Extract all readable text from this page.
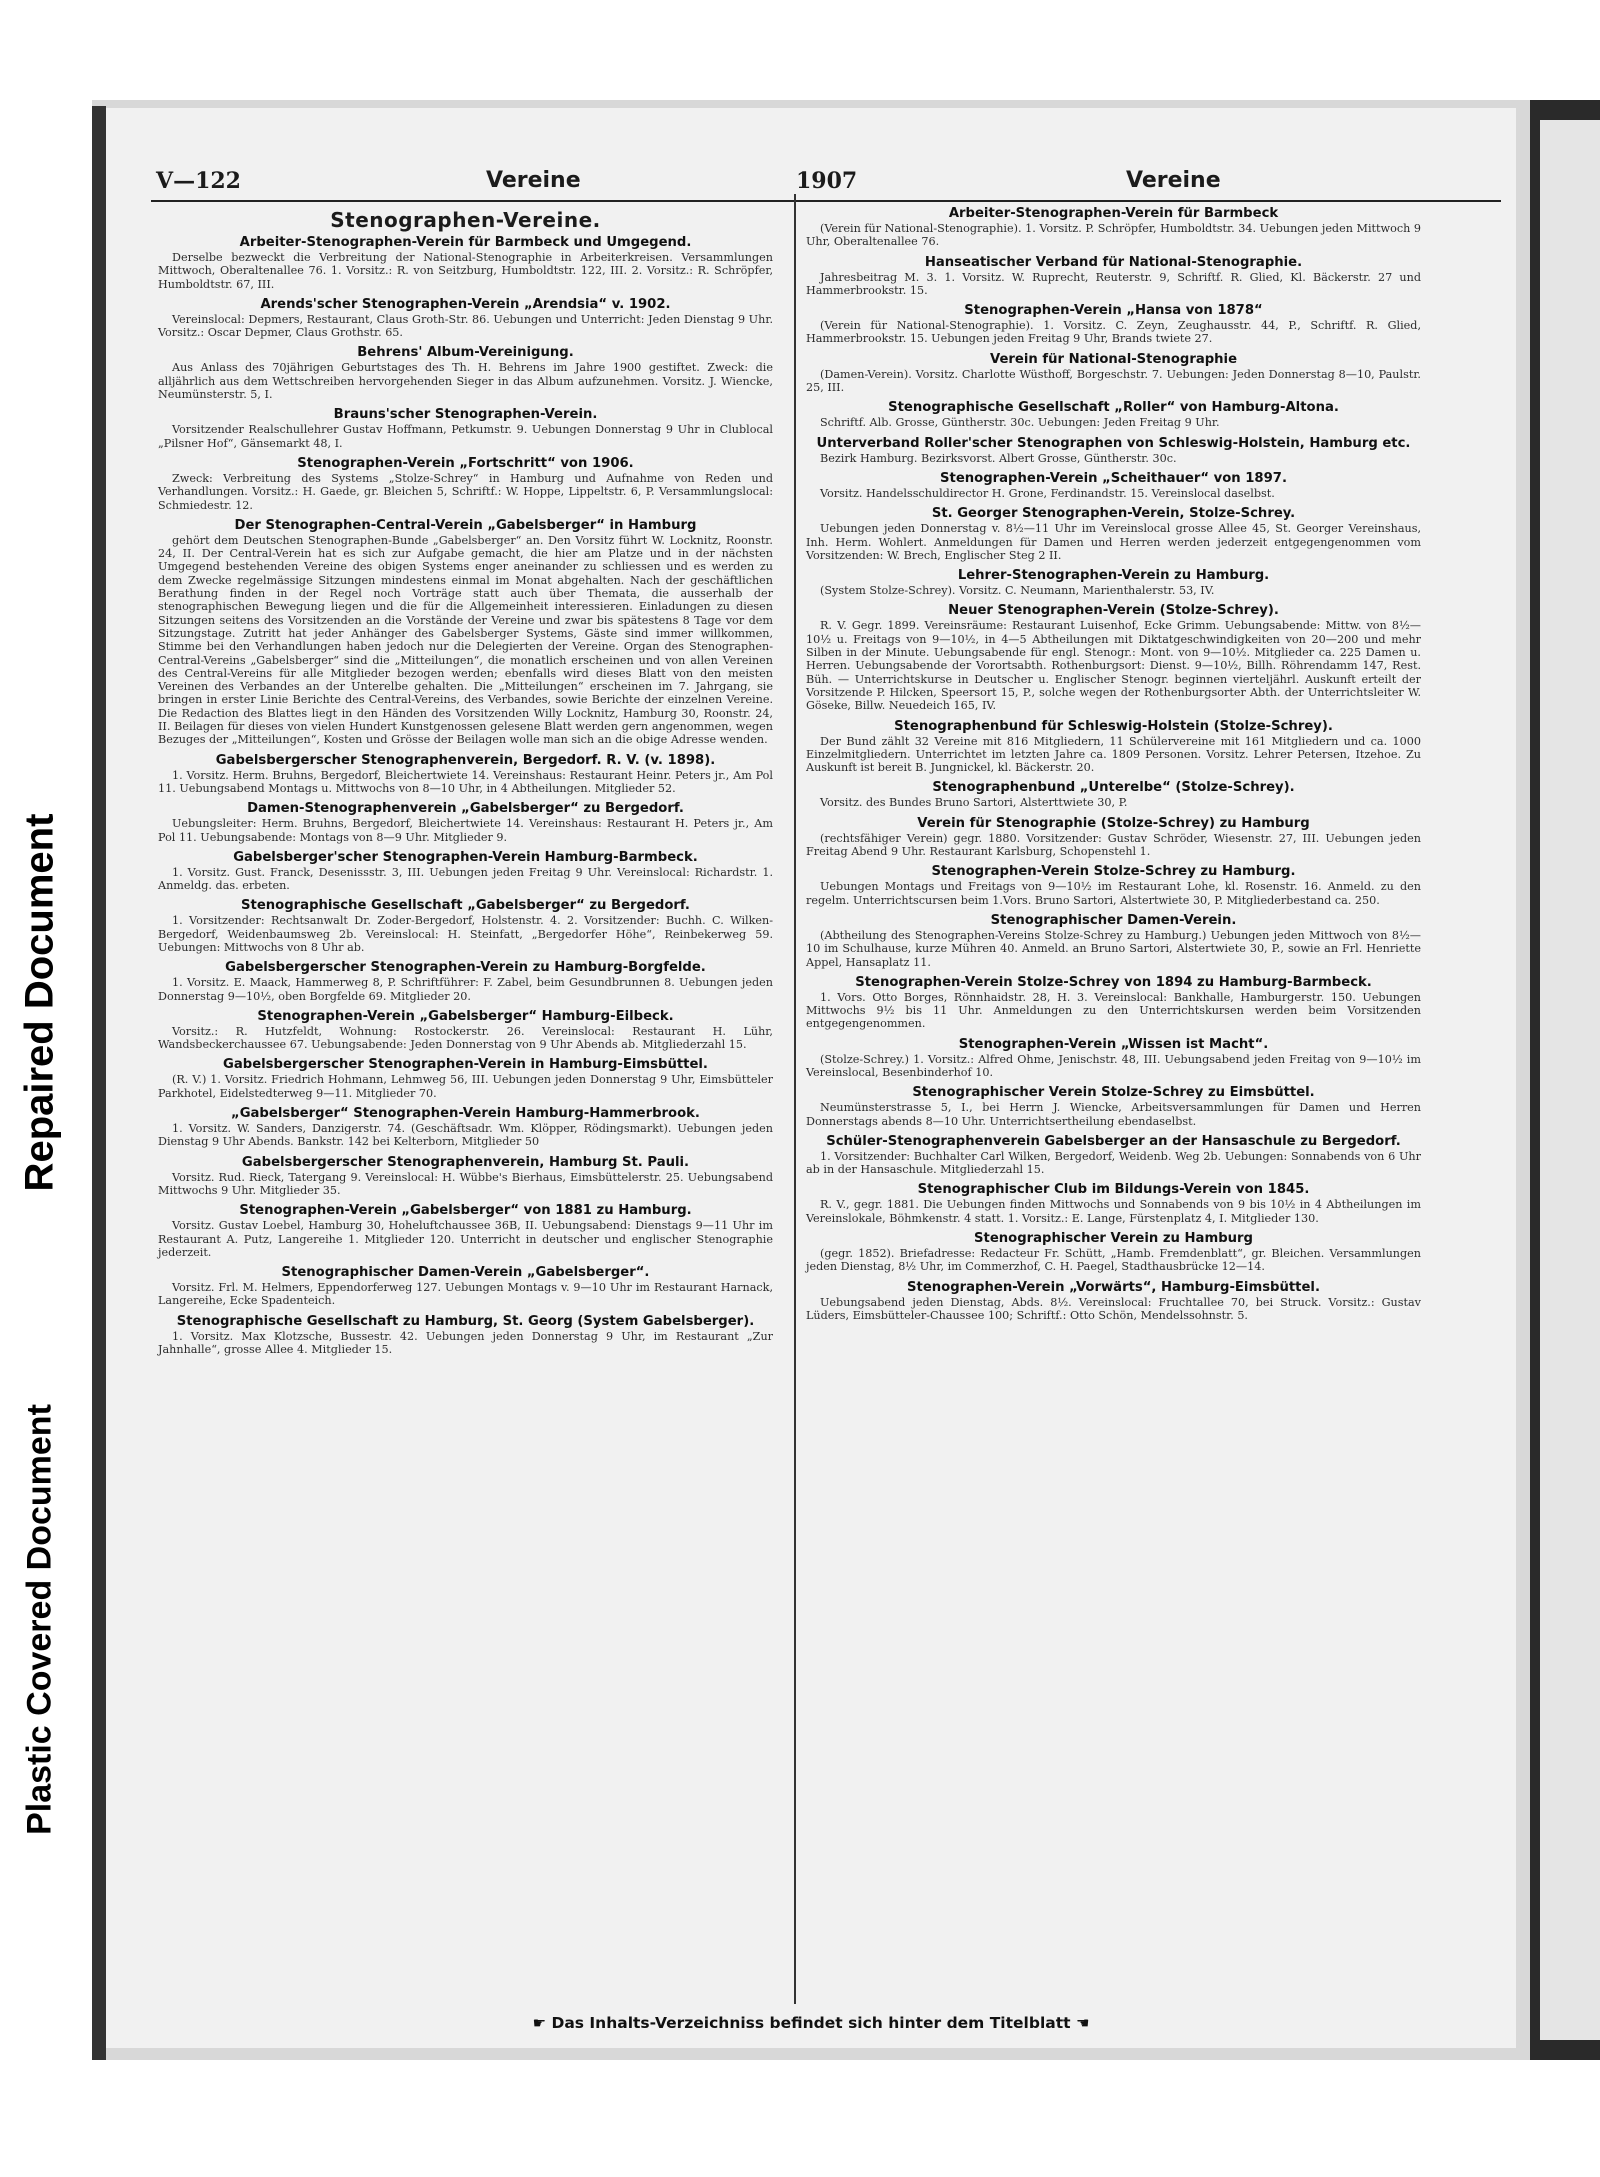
Repaired Document
Plastic Covered Document
V—122	Vereine	1907	Vereine
Stenographen-Vereine.
Arbeiter-Stenographen-Verein für Barmbeck und Umgegend.
Derselbe bezweckt die Verbreitung der National-Stenographie in Arbeiterkreisen. Versammlungen Mittwoch, Oberaltenallee 76. 1. Vorsitz.: R. von Seitzburg, Humboldtstr. 122, III. 2. Vorsitz.: R. Schröpfer, Humboldtstr. 67, III.
Arends'scher Stenographen-Verein „Arendsia“ v. 1902.
Vereinslocal: Depmers, Restaurant, Claus Groth-Str. 86. Uebungen und Unterricht: Jeden Dienstag 9 Uhr. Vorsitz.: Oscar Depmer, Claus Grothstr. 65.
Behrens' Album-Vereinigung.
Aus Anlass des 70jährigen Geburtstages des Th. H. Behrens im Jahre 1900 gestiftet. Zweck: die alljährlich aus dem Wettschreiben hervorgehenden Sieger in das Album aufzunehmen. Vorsitz. J. Wiencke, Neumünsterstr. 5, I.
Brauns'scher Stenographen-Verein.
Vorsitzender Realschullehrer Gustav Hoffmann, Petkumstr. 9. Uebungen Donnerstag 9 Uhr in Clublocal „Pilsner Hof“, Gänsemarkt 48, I.
Stenographen-Verein „Fortschritt“ von 1906.
Zweck: Verbreitung des Systems „Stolze-Schrey“ in Hamburg und Aufnahme von Reden und Verhandlungen. Vorsitz.: H. Gaede, gr. Bleichen 5, Schriftf.: W. Hoppe, Lippeltstr. 6, P. Versammlungslocal: Schmiedestr. 12.
Der Stenographen-Central-Verein „Gabelsberger“ in Hamburg
gehört dem Deutschen Stenographen-Bunde „Gabelsberger“ an. Den Vorsitz führt W. Locknitz, Roonstr. 24, II. Der Central-Verein hat es sich zur Aufgabe gemacht, die hier am Platze und in der nächsten Umgegend bestehenden Vereine des obigen Systems enger aneinander zu schliessen und es werden zu dem Zwecke regelmässige Sitzungen mindestens einmal im Monat abgehalten. Nach der geschäftlichen Berathung finden in der Regel noch Vorträge statt auch über Themata, die ausserhalb der stenographischen Bewegung liegen und die für die Allgemeinheit interessieren. Einladungen zu diesen Sitzungen seitens des Vorsitzenden an die Vorstände der Vereine und zwar bis spätestens 8 Tage vor dem Sitzungstage. Zutritt hat jeder Anhänger des Gabelsberger Systems, Gäste sind immer willkommen, Stimme bei den Verhandlungen haben jedoch nur die Delegierten der Vereine. Organ des Stenographen-Central-Vereins „Gabelsberger“ sind die „Mitteilungen“, die monatlich erscheinen und von allen Vereinen des Central-Vereins für alle Mitglieder bezogen werden; ebenfalls wird dieses Blatt von den meisten Vereinen des Verbandes an der Unterelbe gehalten. Die „Mitteilungen“ erscheinen im 7. Jahrgang, sie bringen in erster Linie Berichte des Central-Vereins, des Verbandes, sowie Berichte der einzelnen Vereine. Die Redaction des Blattes liegt in den Händen des Vorsitzenden Willy Locknitz, Hamburg 30, Roonstr. 24, II. Beilagen für dieses von vielen Hundert Kunstgenossen gelesene Blatt werden gern angenommen, wegen Bezuges der „Mitteilungen“, Kosten und Grösse der Beilagen wolle man sich an die obige Adresse wenden.
Gabelsbergerscher Stenographenverein, Bergedorf. R. V. (v. 1898).
1. Vorsitz. Herm. Bruhns, Bergedorf, Bleichertwiete 14. Vereinshaus: Restaurant Heinr. Peters jr., Am Pol 11. Uebungsabend Montags u. Mittwochs von 8—10 Uhr, in 4 Abtheilungen. Mitglieder 52.
Damen-Stenographenverein „Gabelsberger“ zu Bergedorf.
Uebungsleiter: Herm. Bruhns, Bergedorf, Bleichertwiete 14. Vereinshaus: Restaurant H. Peters jr., Am Pol 11. Uebungsabende: Montags von 8—9 Uhr. Mitglieder 9.
Gabelsberger'scher Stenographen-Verein Hamburg-Barmbeck.
1. Vorsitz. Gust. Franck, Desenissstr. 3, III. Uebungen jeden Freitag 9 Uhr. Vereinslocal: Richardstr. 1. Anmeldg. das. erbeten.
Stenographische Gesellschaft „Gabelsberger“ zu Bergedorf.
1. Vorsitzender: Rechtsanwalt Dr. Zoder-Bergedorf, Holstenstr. 4. 2. Vorsitzender: Buchh. C. Wilken-Bergedorf, Weidenbaumsweg 2b. Vereinslocal: H. Steinfatt, „Bergedorfer Höhe“, Reinbekerweg 59. Uebungen: Mittwochs von 8 Uhr ab.
Gabelsbergerscher Stenographen-Verein zu Hamburg-Borgfelde.
1. Vorsitz. E. Maack, Hammerweg 8, P. Schriftführer: F. Zabel, beim Gesundbrunnen 8. Uebungen jeden Donnerstag 9—10½, oben Borgfelde 69. Mitglieder 20.
Stenographen-Verein „Gabelsberger“ Hamburg-Eilbeck.
Vorsitz.: R. Hutzfeldt, Wohnung: Rostockerstr. 26. Vereinslocal: Restaurant H. Lühr, Wandsbeckerchaussee 67. Uebungsabende: Jeden Donnerstag von 9 Uhr Abends ab. Mitgliederzahl 15.
Gabelsbergerscher Stenographen-Verein in Hamburg-Eimsbüttel.
(R. V.) 1. Vorsitz. Friedrich Hohmann, Lehmweg 56, III. Uebungen jeden Donnerstag 9 Uhr, Eimsbütteler Parkhotel, Eidelstedterweg 9—11. Mitglieder 70.
„Gabelsberger“ Stenographen-Verein Hamburg-Hammerbrook.
1. Vorsitz. W. Sanders, Danzigerstr. 74. (Geschäftsadr. Wm. Klöpper, Rödingsmarkt). Uebungen jeden Dienstag 9 Uhr Abends. Bankstr. 142 bei Kelterborn, Mitglieder 50
Gabelsbergerscher Stenographenverein, Hamburg St. Pauli.
Vorsitz. Rud. Rieck, Tatergang 9. Vereinslocal: H. Wübbe's Bierhaus, Eimsbüttelerstr. 25. Uebungsabend Mittwochs 9 Uhr. Mitglieder 35.
Stenographen-Verein „Gabelsberger“ von 1881 zu Hamburg.
Vorsitz. Gustav Loebel, Hamburg 30, Hoheluftchaussee 36B, II. Uebungsabend: Dienstags 9—11 Uhr im Restaurant A. Putz, Langereihe 1. Mitglieder 120. Unterricht in deutscher und englischer Stenographie jederzeit.
Stenographischer Damen-Verein „Gabelsberger“.
Vorsitz. Frl. M. Helmers, Eppendorferweg 127. Uebungen Montags v. 9—10 Uhr im Restaurant Harnack, Langereihe, Ecke Spadenteich.
Stenographische Gesellschaft zu Hamburg, St. Georg (System Gabelsberger).
1. Vorsitz. Max Klotzsche, Bussestr. 42. Uebungen jeden Donnerstag 9 Uhr, im Restaurant „Zur Jahnhalle“, grosse Allee 4. Mitglieder 15.
Arbeiter-Stenographen-Verein für Barmbeck
(Verein für National-Stenographie). 1. Vorsitz. P. Schröpfer, Humboldtstr. 34. Uebungen jeden Mittwoch 9 Uhr, Oberaltenallee 76.
Hanseatischer Verband für National-Stenographie.
Jahresbeitrag M. 3. 1. Vorsitz. W. Ruprecht, Reuterstr. 9, Schriftf. R. Glied, Kl. Bäckerstr. 27 und Hammerbrookstr. 15.
Stenographen-Verein „Hansa von 1878“
(Verein für National-Stenographie). 1. Vorsitz. C. Zeyn, Zeughausstr. 44, P., Schriftf. R. Glied, Hammerbrookstr. 15. Uebungen jeden Freitag 9 Uhr, Brands twiete 27.
Verein für National-Stenographie
(Damen-Verein). Vorsitz. Charlotte Wüsthoff, Borgeschstr. 7. Uebungen: Jeden Donnerstag 8—10, Paulstr. 25, III.
Stenographische Gesellschaft „Roller“ von Hamburg-Altona.
Schriftf. Alb. Grosse, Güntherstr. 30c. Uebungen: Jeden Freitag 9 Uhr.
Unterverband Roller'scher Stenographen von Schleswig-Holstein, Hamburg etc.
Bezirk Hamburg. Bezirksvorst. Albert Grosse, Güntherstr. 30c.
Stenographen-Verein „Scheithauer“ von 1897.
Vorsitz. Handelsschuldirector H. Grone, Ferdinandstr. 15. Vereinslocal daselbst.
St. Georger Stenographen-Verein, Stolze-Schrey.
Uebungen jeden Donnerstag v. 8½—11 Uhr im Vereinslocal grosse Allee 45, St. Georger Vereinshaus, Inh. Herm. Wohlert. Anmeldungen für Damen und Herren werden jederzeit entgegengenommen vom Vorsitzenden: W. Brech, Englischer Steg 2 II.
Lehrer-Stenographen-Verein zu Hamburg.
(System Stolze-Schrey). Vorsitz. C. Neumann, Marienthalerstr. 53, IV.
Neuer Stenographen-Verein (Stolze-Schrey).
R. V. Gegr. 1899. Vereinsräume: Restaurant Luisenhof, Ecke Grimm. Uebungsabende: Mittw. von 8½—10½ u. Freitags von 9—10½, in 4—5 Abtheilungen mit Diktatgeschwindigkeiten von 20—200 und mehr Silben in der Minute. Uebungsabende für engl. Stenogr.: Mont. von 9—10½. Mitglieder ca. 225 Damen u. Herren. Uebungsabende der Vorortsabth. Rothenburgsort: Dienst. 9—10½, Billh. Röhrendamm 147, Rest. Büh. — Unterrichtskurse in Deutscher u. Englischer Stenogr. beginnen vierteljährl. Auskunft erteilt der Vorsitzende P. Hilcken, Speersort 15, P., solche wegen der Rothenburgsorter Abth. der Unterrichtsleiter W. Göseke, Billw. Neuedeich 165, IV.
Stenographenbund für Schleswig-Holstein (Stolze-Schrey).
Der Bund zählt 32 Vereine mit 816 Mitgliedern, 11 Schülervereine mit 161 Mitgliedern und ca. 1000 Einzelmitgliedern. Unterrichtet im letzten Jahre ca. 1809 Personen. Vorsitz. Lehrer Petersen, Itzehoe. Zu Auskunft ist bereit B. Jungnickel, kl. Bäckerstr. 20.
Stenographenbund „Unterelbe“ (Stolze-Schrey).
Vorsitz. des Bundes Bruno Sartori, Alsterttwiete 30, P.
Verein für Stenographie (Stolze-Schrey) zu Hamburg
(rechtsfähiger Verein) gegr. 1880. Vorsitzender: Gustav Schröder, Wiesenstr. 27, III. Uebungen jeden Freitag Abend 9 Uhr. Restaurant Karlsburg, Schopenstehl 1.
Stenographen-Verein Stolze-Schrey zu Hamburg.
Uebungen Montags und Freitags von 9—10½ im Restaurant Lohe, kl. Rosenstr. 16. Anmeld. zu den regelm. Unterrichtscursen beim 1.Vors. Bruno Sartori, Alstertwiete 30, P. Mitgliederbestand ca. 250.
Stenographischer Damen-Verein.
(Abtheilung des Stenographen-Vereins Stolze-Schrey zu Hamburg.) Uebungen jeden Mittwoch von 8½—10 im Schulhause, kurze Mühren 40. Anmeld. an Bruno Sartori, Alstertwiete 30, P., sowie an Frl. Henriette Appel, Hansaplatz 11.
Stenographen-Verein Stolze-Schrey von 1894 zu Hamburg-Barmbeck.
1. Vors. Otto Borges, Rönnhaidstr. 28, H. 3. Vereinslocal: Bankhalle, Hamburgerstr. 150. Uebungen Mittwochs 9½ bis 11 Uhr. Anmeldungen zu den Unterrichtskursen werden beim Vorsitzenden entgegengenommen.
Stenographen-Verein „Wissen ist Macht“.
(Stolze-Schrey.) 1. Vorsitz.: Alfred Ohme, Jenischstr. 48, III. Uebungsabend jeden Freitag von 9—10½ im Vereinslocal, Besenbinderhof 10.
Stenographischer Verein Stolze-Schrey zu Eimsbüttel.
Neumünsterstrasse 5, I., bei Herrn J. Wiencke, Arbeitsversammlungen für Damen und Herren Donnerstags abends 8—10 Uhr. Unterrichtsertheilung ebendaselbst.
Schüler-Stenographenverein Gabelsberger an der Hansaschule zu Bergedorf.
1. Vorsitzender: Buchhalter Carl Wilken, Bergedorf, Weidenb. Weg 2b. Uebungen: Sonnabends von 6 Uhr ab in der Hansaschule. Mitgliederzahl 15.
Stenographischer Club im Bildungs-Verein von 1845.
R. V., gegr. 1881. Die Uebungen finden Mittwochs und Sonnabends von 9 bis 10½ in 4 Abtheilungen im Vereinslokale, Böhmkenstr. 4 statt. 1. Vorsitz.: E. Lange, Fürstenplatz 4, I. Mitglieder 130.
Stenographischer Verein zu Hamburg
(gegr. 1852). Briefadresse: Redacteur Fr. Schütt, „Hamb. Fremdenblatt“, gr. Bleichen. Versammlungen jeden Dienstag, 8½ Uhr, im Commerzhof, C. H. Paegel, Stadthausbrücke 12—14.
Stenographen-Verein „Vorwärts“, Hamburg-Eimsbüttel.
Uebungsabend jeden Dienstag, Abds. 8½. Vereinslocal: Fruchtallee 70, bei Struck. Vorsitz.: Gustav Lüders, Eimsbütteler-Chaussee 100; Schriftf.: Otto Schön, Mendelssohnstr. 5.
☛ Das Inhalts-Verzeichniss befindet sich hinter dem Titelblatt ☚
